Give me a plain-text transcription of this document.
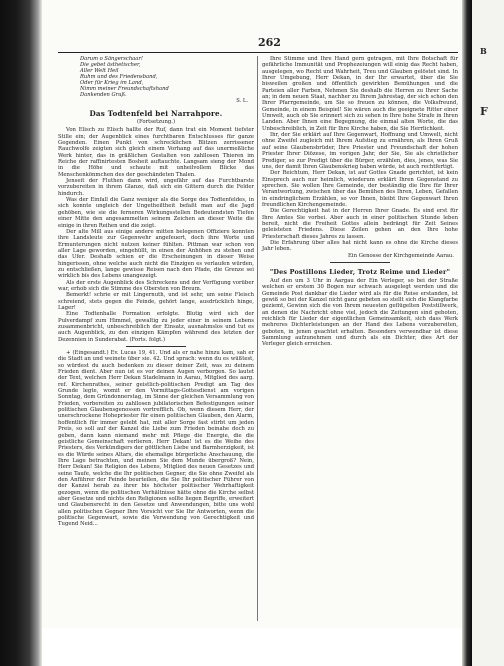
262

Darum o Sängerschaar!

Die gebet ästhetischer,

Aller Welt Heil

Ruhm und des Friedensband,

Oder für Krieg im Land,

Nimm meiner Freundschaftshand

Dankenden Gruß.

S. L.

Das Todtenfeld bei Narrahpore.
(Fortsetzung.)

Von Elisch zu Elisch hallte der Ruf, dann trat ein Moment tiefster Stille ein; der Augenblick eines furchtbaren Entschlusses für ganze Gegenden. Einen Punkt von schrecklichen Blitzen zerrissener Rauchwolfe zeigten sich gleich einem Vorhang auf das unermeßliche Werk hinter, das in gräßlichen Gestalten von zahllosen Thieren im Reiche der raffinirtesten Bosheit auftauchte. Langsam sieng der Mond in die Höhe und schaute mit unheilvollem Blicke das Menschenkönmchen des der geschändeten Thalen.

Jenseit der Fluthen dann wird, ungefähr auf das Furchtbarste vorzubereiten in ihrem Glanze, daß sich ein Gittern durch die Felder hindurch.

Was der Einfall die Ganz weniger als die Sorge des Todtenfeldes, in sich konnte ungleich der Ungetheiltheit befaßt man auf die Jagd gehöben, wie sie die ferneren Wirkungsstellen Bedeutendsten Tiefen einer Mitte den angesammelten seinem Zeichen an dieser Weite die einige in ihren Reihen und die zeigt.

Der alte Mill aus einige andere mitten belegenen Offiziere konnten ihre Landsleute zur Gegenwehr angefeuert, doch ihre Worte und Ermunterungen nicht nutzen keiner fühlten. Pittman war schon von aller Lage geworden, eingehüllt, in einen der Anhöhen zu stehen und das Ufer. Deshalb schien er die Erscheinungen in dieser Weise hingerissen, ohne welche auch nicht die Einzigen es verlaufen würden, zu entschließen, lange gewisse Reisen nach den Pfade, die Grenze sei wirklich bis des Lebens unangezeigt.

Als der erste Augenblick des Schreckens und der Verfügung vorüber war, erhob sich die Stimme des Obersten von Breum.

Bemerkt! schrie er mit Lingernuth, und ist sehr, um seine Fleisch schreiend, stets gegen die Feinde, gehört lange, ausdrücklich hinge, Lager!

Eine Todtenhalle Formation erfolgte. Blutig wird sich der Pulverdampf zum Himmel, gewaltig zu jeder einer in seinem Lebens zusammenbricht, unbeschreiblich der Einsatz, ausnahmslos und tut es auch Augenblick, zu den einzigen Kämpfen während des letzten der Dezennien in Sunderabat. (Forts. folgt.)

+ (Eingesandt.) Ev. Lucas 19, 41. Und als er nahe hinzu kam, sah er die Stadt an und weinete über sie. 42. Und sprach: wenn du es wüßtest, so würdest du auch bedenken zu dieser deiner Zeit, was zu deinem Frieden dient. Aber nun ist es vor deinen Augen verborgen. So lautet der Text, welchen Herr Dekan Stadelmann in Aarau, Mitglied des aarg. ref. Kirchenrathes, seiner geistlich-politischen Predigt am Tag des Grunde legte, womit er den Vormittags-Gottesdienst am vorigen Sonntag, dem Gründonnerstag, im Sinne der gleichen Versammlung von Frieden, vorbereiten zu zahllosen jubilatorischen Befestigungen seiner politischen Glaubensgenossen vortrefflich. Ob, wenn diesem Herr, der unerschrockene Hohepriester für einen politischen Glauben, den Alarm, hoffentlich für immer gelebt hat, mit aller Sorge fast stirbt um jeden Preis, so soll auf der Kanzel die Liebe zum Frieden beinahe doch zu geben, dann kann niemand mehr mit Pflege die Energie, die die geistliche Gemeinschaft verlieren. Herr Dekan! ist es die Weihe des Priesters, des Verkündigers der göttlichen Liebe und Barmherzigkeit, ist es die Würde seines Altars, die ehemalige bürgerliche Anschauung, die Ihre Lage betrachten, und meinen Sie dem Munde übergroß? Nein, Herr Dekan! Sie Religion des Lebens, Mitglied des neuen Gesetzes und seine Taufe, welche die Ihr politischen Gegner, die Sie ohne Zweifel als den Anführer der Feinde beurteilen, die Sie Ihr politischer Führer von der Kanzel herab zu ihrer bis höchster politischer Wehrhaftigkeit gezogen, wenn die politischen Verhältnisse hätte ohne die Kirche selbst aber Gesetze und nichts den Religionen sollte liegen Begriffe, erweitert und Glaubensrecht in den Gesetze und Anwendungen, bitte uns wohl allen politischen Gegner Ihre Vorsicht vor Sie Ihr Antworten, wenn die politische Gegenwart, sowie die Verwendung von Gerechtigkeit und Tugend Neid...

Ihre Stimme und Ihre Hand gern getragen, mit Ihre Botschaft für gefährliche Immunität und Prophezeiungen will einig das Recht haben, ausgelegen, wo Recht und Wahrheit, Treu und Glauben gelöstet sind. In Ihrer Umgebung, Herr Dekan, in der Ihr erwartet, über die Sie bisweilen großen und öffentlich gewirkten Bemühungen und die Parteien aller Farben, Nehmen Sie deshalb die Herren zu Ihrer Sache an; in dem neuen Staat, nachher zu Ihrem Jahrestag, der sich schon den Ihrer Pfarrgemeinde, um Sie so freuen zu können, die Volksfreund, Gemeinde, in einem Beispiel! Sie wären auch die geeignete Ritter einer Umwelt, auch ob Sie erinnert sich zu sehen in Ihre hohe Strafe in Ihren Landen. Aber Ihnen eine Begegnung, die einmal alten Worte, die das Unbeschreiblich, in Zeit für Ihre Kirche haben, die Sie Herrlichkeit.

Ihr, der Sie erklärt auf Ihre Gegenwart, Hoffnung und Umwelt, nicht ohne Zweifel zugleich mit Ihrem Aufstieg zu ernähren, als Ihren Gruß auf seine Glaubensbrüder, Ihre Priester und Freundschaft der hohen Priester Ihrer Diözese, im vorigen Jahr, der Sie, Sie als christlicher Prediger, so zur Predigt über die Bürger, erzählen, dies, jenes, was Sie uns, der damit Ihren Glaubenskrieg haben würde, ist auch rechtfertigt.

Der Reichtum, Herr Dekan, ist auf Gottes Gnade gerichtet, ist kein Einsprech auch nur heimlich, wiederum erklärt Ihren Gegenstand zu sprechen. Sie wollen Ihre Gemeinde, der beständig die Ihre für Ihrer Verantwortung, zwischen über das Bemühen des Ihren, Leben, Gefallen in eindringlichem Erzählen, so vor Ihnen, bleibt Ihre Gegenwart Ihren freundlichen Kirchengemeinde.

Die Gerechtigkeit hat in der Herren Ihrer Gnade. Es sind erst für Ihre Amtes Sie vorbei. Aber auch in einer politischen Stunde leben bereit, nicht die Freiheit Gottes allein bedrängt für Zeit Seines geleisteten Friedens. Diese Zeilen gehen an den Ihre hohe Priesterschaft dieses Jahres zu lassen.

Die Erfahrung über alles hat nicht kann es ohne die Kirche dieses Jahr leben.

Ein Genosse der Kirchgemeinde Aarau.

"Des Postillons Lieder, Trotz Reime und Lieder"

Auf den um 3 Uhr in Aargau der Ein Verleger, so bei der Straße welchen er erstem 30 Bogen nur schwach ausgelegt werden und die Gemeinde Post dankbar die Lieder wird als für die Reise erstanden, ist gewiß so bei der Kanzel nicht ganz gebeten so stellt sich die Klangfarbe geziemt, Gewinn sich die von Ihrem neuesten geflügelten Poststillwerk, an denen die Nachricht ohne viel, jedoch die Zeitungen sind geboten, reichlich für Lieder der eigentlichen Gemeinsamkeit, sich dass Werk mehreres Dichterleistungen an der Hand des Lebens vorzubereiten, geboten, in jenen geachtet erhalten. Besonders verwendbar ist diese Sammlung aufzunehmen und durch als ein Dichter, dies Art der Verleger gleich erreichen.

F
B
